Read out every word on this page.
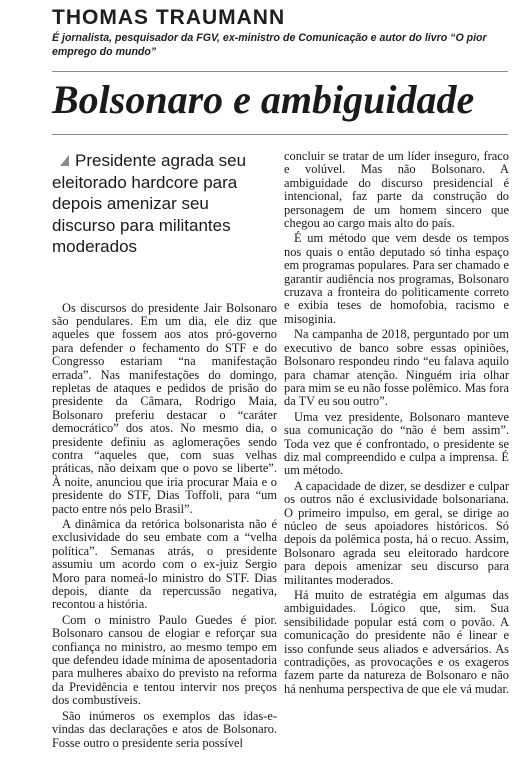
THOMAS TRAUMANN

É jornalista, pesquisador da FGV, ex-ministro de Comunicação e autor do livro “O pior emprego do mundo”

Bolsonaro e ambiguidade
Presidente agrada seu eleitorado hardcore para depois amenizar seu discurso para militantes moderados

Os discursos do presidente Jair Bolsonaro são pendulares. Em um dia, ele diz que aqueles que fossem aos atos pró-governo para defender o fechamento do STF e do Congresso estariam “na manifestação errada”. Nas manifestações do domingo, repletas de ataques e pedidos de prisão do presidente da Câmara, Rodrigo Maia, Bolsonaro preferiu destacar o “caráter democrático” dos atos. No mesmo dia, o presidente definiu as aglomerações sendo contra “aqueles que, com suas velhas práticas, não deixam que o povo se liberte”. À noite, anunciou que iria procurar Maia e o presidente do STF, Dias Toffoli, para “um pacto entre nós pelo Brasil”.

A dinâmica da retórica bolsonarista não é exclusividade do seu embate com a “velha política”. Semanas atrás, o presidente assumiu um acordo com o ex-juiz Sergio Moro para nomeá-lo ministro do STF. Dias depois, diante da repercussão negativa, recontou a história.

Com o ministro Paulo Guedes é pior. Bolsonaro cansou de elogiar e reforçar sua confiança no ministro, ao mesmo tempo em que defendeu idade mínima de aposentadoria para mulheres abaixo do previsto na reforma da Previdência e tentou intervir nos preços dos combustíveis.

São inúmeros os exemplos das idas-e-vindas das declarações e atos de Bolsonaro. Fosse outro o presidente seria possível

concluir se tratar de um líder inseguro, fraco e volúvel. Mas não Bolsonaro. A ambiguidade do discurso presidencial é intencional, faz parte da construção do personagem de um homem sincero que chegou ao cargo mais alto do país.

É um método que vem desde os tempos nos quais o então deputado só tinha espaço em programas populares. Para ser chamado e garantir audiência nos programas, Bolsonaro cruzava a fronteira do politicamente correto e exibia teses de homofobia, racismo e misoginia.

Na campanha de 2018, perguntado por um executivo de banco sobre essas opiniões, Bolsonaro respondeu rindo “eu falava aquilo para chamar atenção. Ninguém iria olhar para mim se eu não fosse polêmico. Mas fora da TV eu sou outro”.

Uma vez presidente, Bolsonaro manteve sua comunicação do “não é bem assim”. Toda vez que é confrontado, o presidente se diz mal compreendido e culpa a imprensa. É um método.

A capacidade de dizer, se desdizer e culpar os outros não é exclusividade bolsonariana. O primeiro impulso, em geral, se dirige ao núcleo de seus apoiadores históricos. Só depois da polêmica posta, há o recuo. Assim, Bolsonaro agrada seu eleitorado hardcore para depois amenizar seu discurso para militantes moderados.

Há muito de estratégia em algumas das ambiguidades. Lógico que, sim. Sua sensibilidade popular está com o povão. A comunicação do presidente não é linear e isso confunde seus aliados e adversários. As contradições, as provocações e os exageros fazem parte da natureza de Bolsonaro e não há nenhuma perspectiva de que ele vá mudar.
